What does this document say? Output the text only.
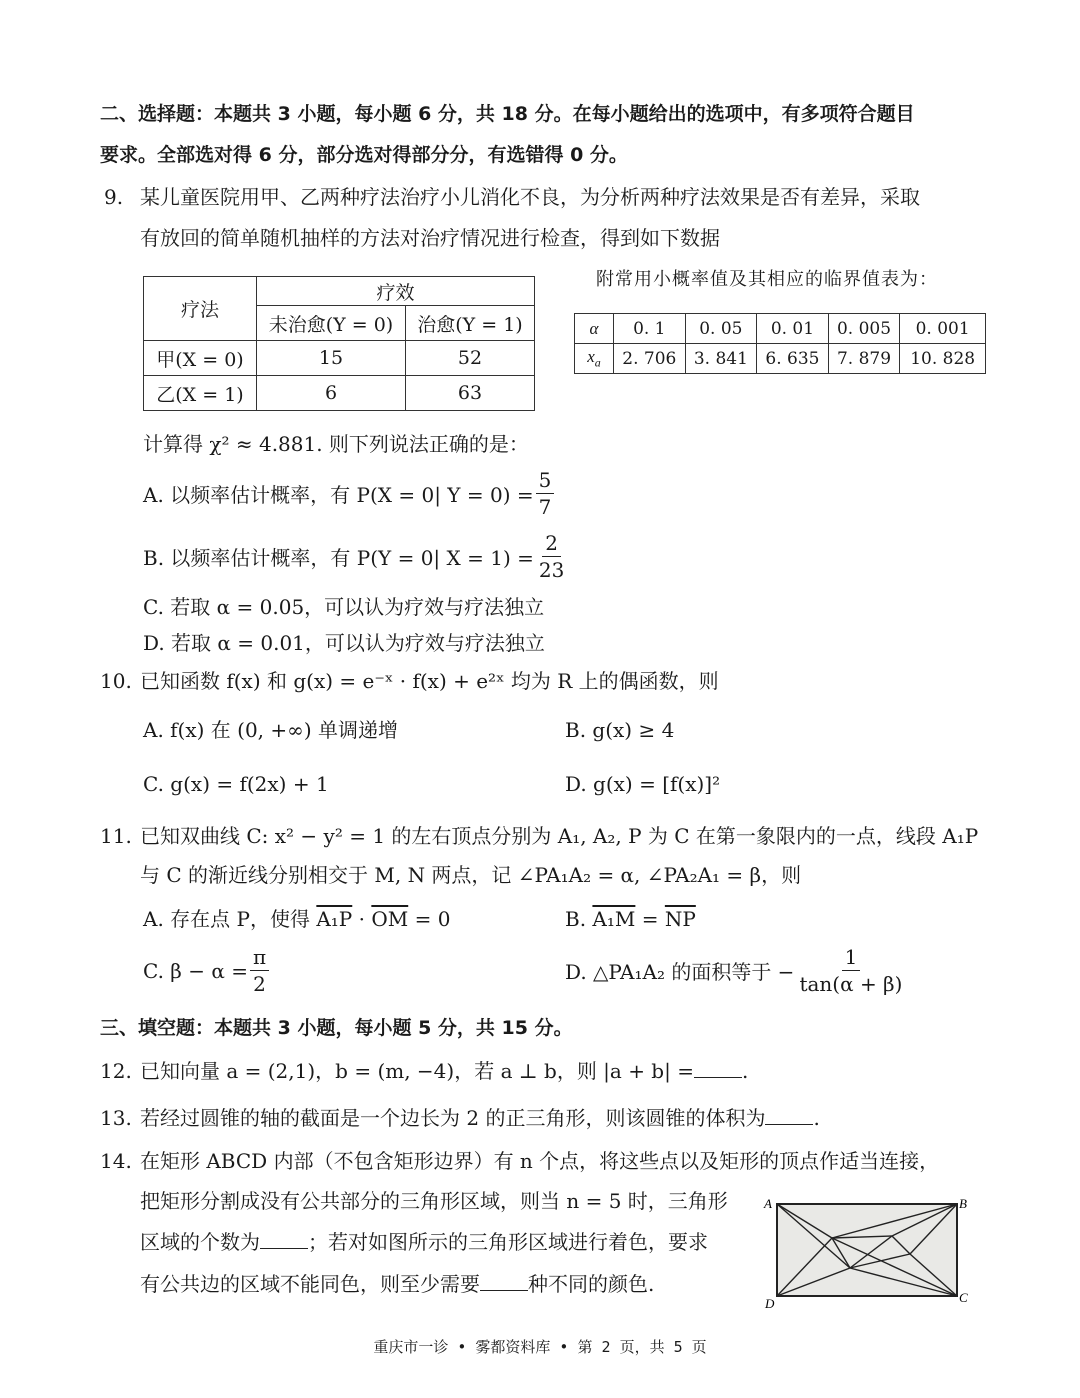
二、选择题：本题共 3 小题，每小题 6 分，共 18 分。在每小题给出的选项中，有多项符合题目
要求。全部选对得 6 分，部分选对得部分分，有选错得 0 分。
9. 某儿童医院用甲、乙两种疗法治疗小儿消化不良，为分析两种疗法效果是否有差异，采取
有放回的简单随机抽样的方法对治疗情况进行检查，得到如下数据
疗法	疗效	
	未治愈(Y = 0)	治愈(Y = 1)
甲(X = 0)	15	52
乙(X = 1)	6	63
附常用小概率值及其相应的临界值表为：
α	0. 1	0. 05	0. 01	0. 005	0. 001
$x_a$	2. 706	3. 841	6. 635	7. 879	10. 828
计算得 χ² ≈ 4.881. 则下列说法正确的是：
A. 以频率估计概率，有 P(X = 0| $Y = 0) = \frac{5}{7}$
B. 以频率估计概率，有 P(Y = 0| $X = 1) = \frac{2}{23}$
C. 若取 α = 0.05，可以认为疗效与疗法独立
D. 若取 α = 0.01，可以认为疗效与疗法独立
10. 已知函数 f(x) 和 g(x) = e⁻ˣ · f(x) + e²ˣ 均为 R 上的偶函数，则
A. f(x) 在 (0, +∞) 单调递增	B. g(x) ≥ 4
C. g(x) = f(2x) + 1	D. g(x) = [f(x)]²
11. 已知双曲线 C: x² − y² = 1 的左右顶点分别为 A₁, A₂, P 为 C 在第一象限内的一点，线段 A₁P
与 C 的渐近线分别相交于 M, N 两点，记 ∠PA₁A₂ = α, ∠PA₂A₁ = β，则
A. 存在点 P，使得 $A_1P \cdot \overline{OM} = 0$	B. $A_1M = \overline{NP}$
C. $\beta - \alpha = \frac{\pi}{2}$	D. △PA₁A₂ 的面积等于 − $\frac{1}{\tan(\alpha + \beta)}$
三、填空题：本题共 3 小题，每小题 5 分，共 15 分。
12. 已知向量 a = (2,1)，b = (m, −4)，若 a ⊥ b，则 |a + b| = .
13. 若经过圆锥的轴的截面是一个边长为 2 的正三角形，则该圆锥的体积为 .
14. 在矩形 ABCD 内部（不包含矩形边界）有 n 个点，将这些点以及矩形的顶点作适当连接，
把矩形分割成没有公共部分的三角形区域，则当 n = 5 时，三角形
区域的个数为 ；若对如图所示的三角形区域进行着色，要求
有公共边的区域不能同色，则至少需要 种不同的颜色.
A	B
C
D
重庆市一诊 • 雾都资料库 • 第 2 页，共 5 页
